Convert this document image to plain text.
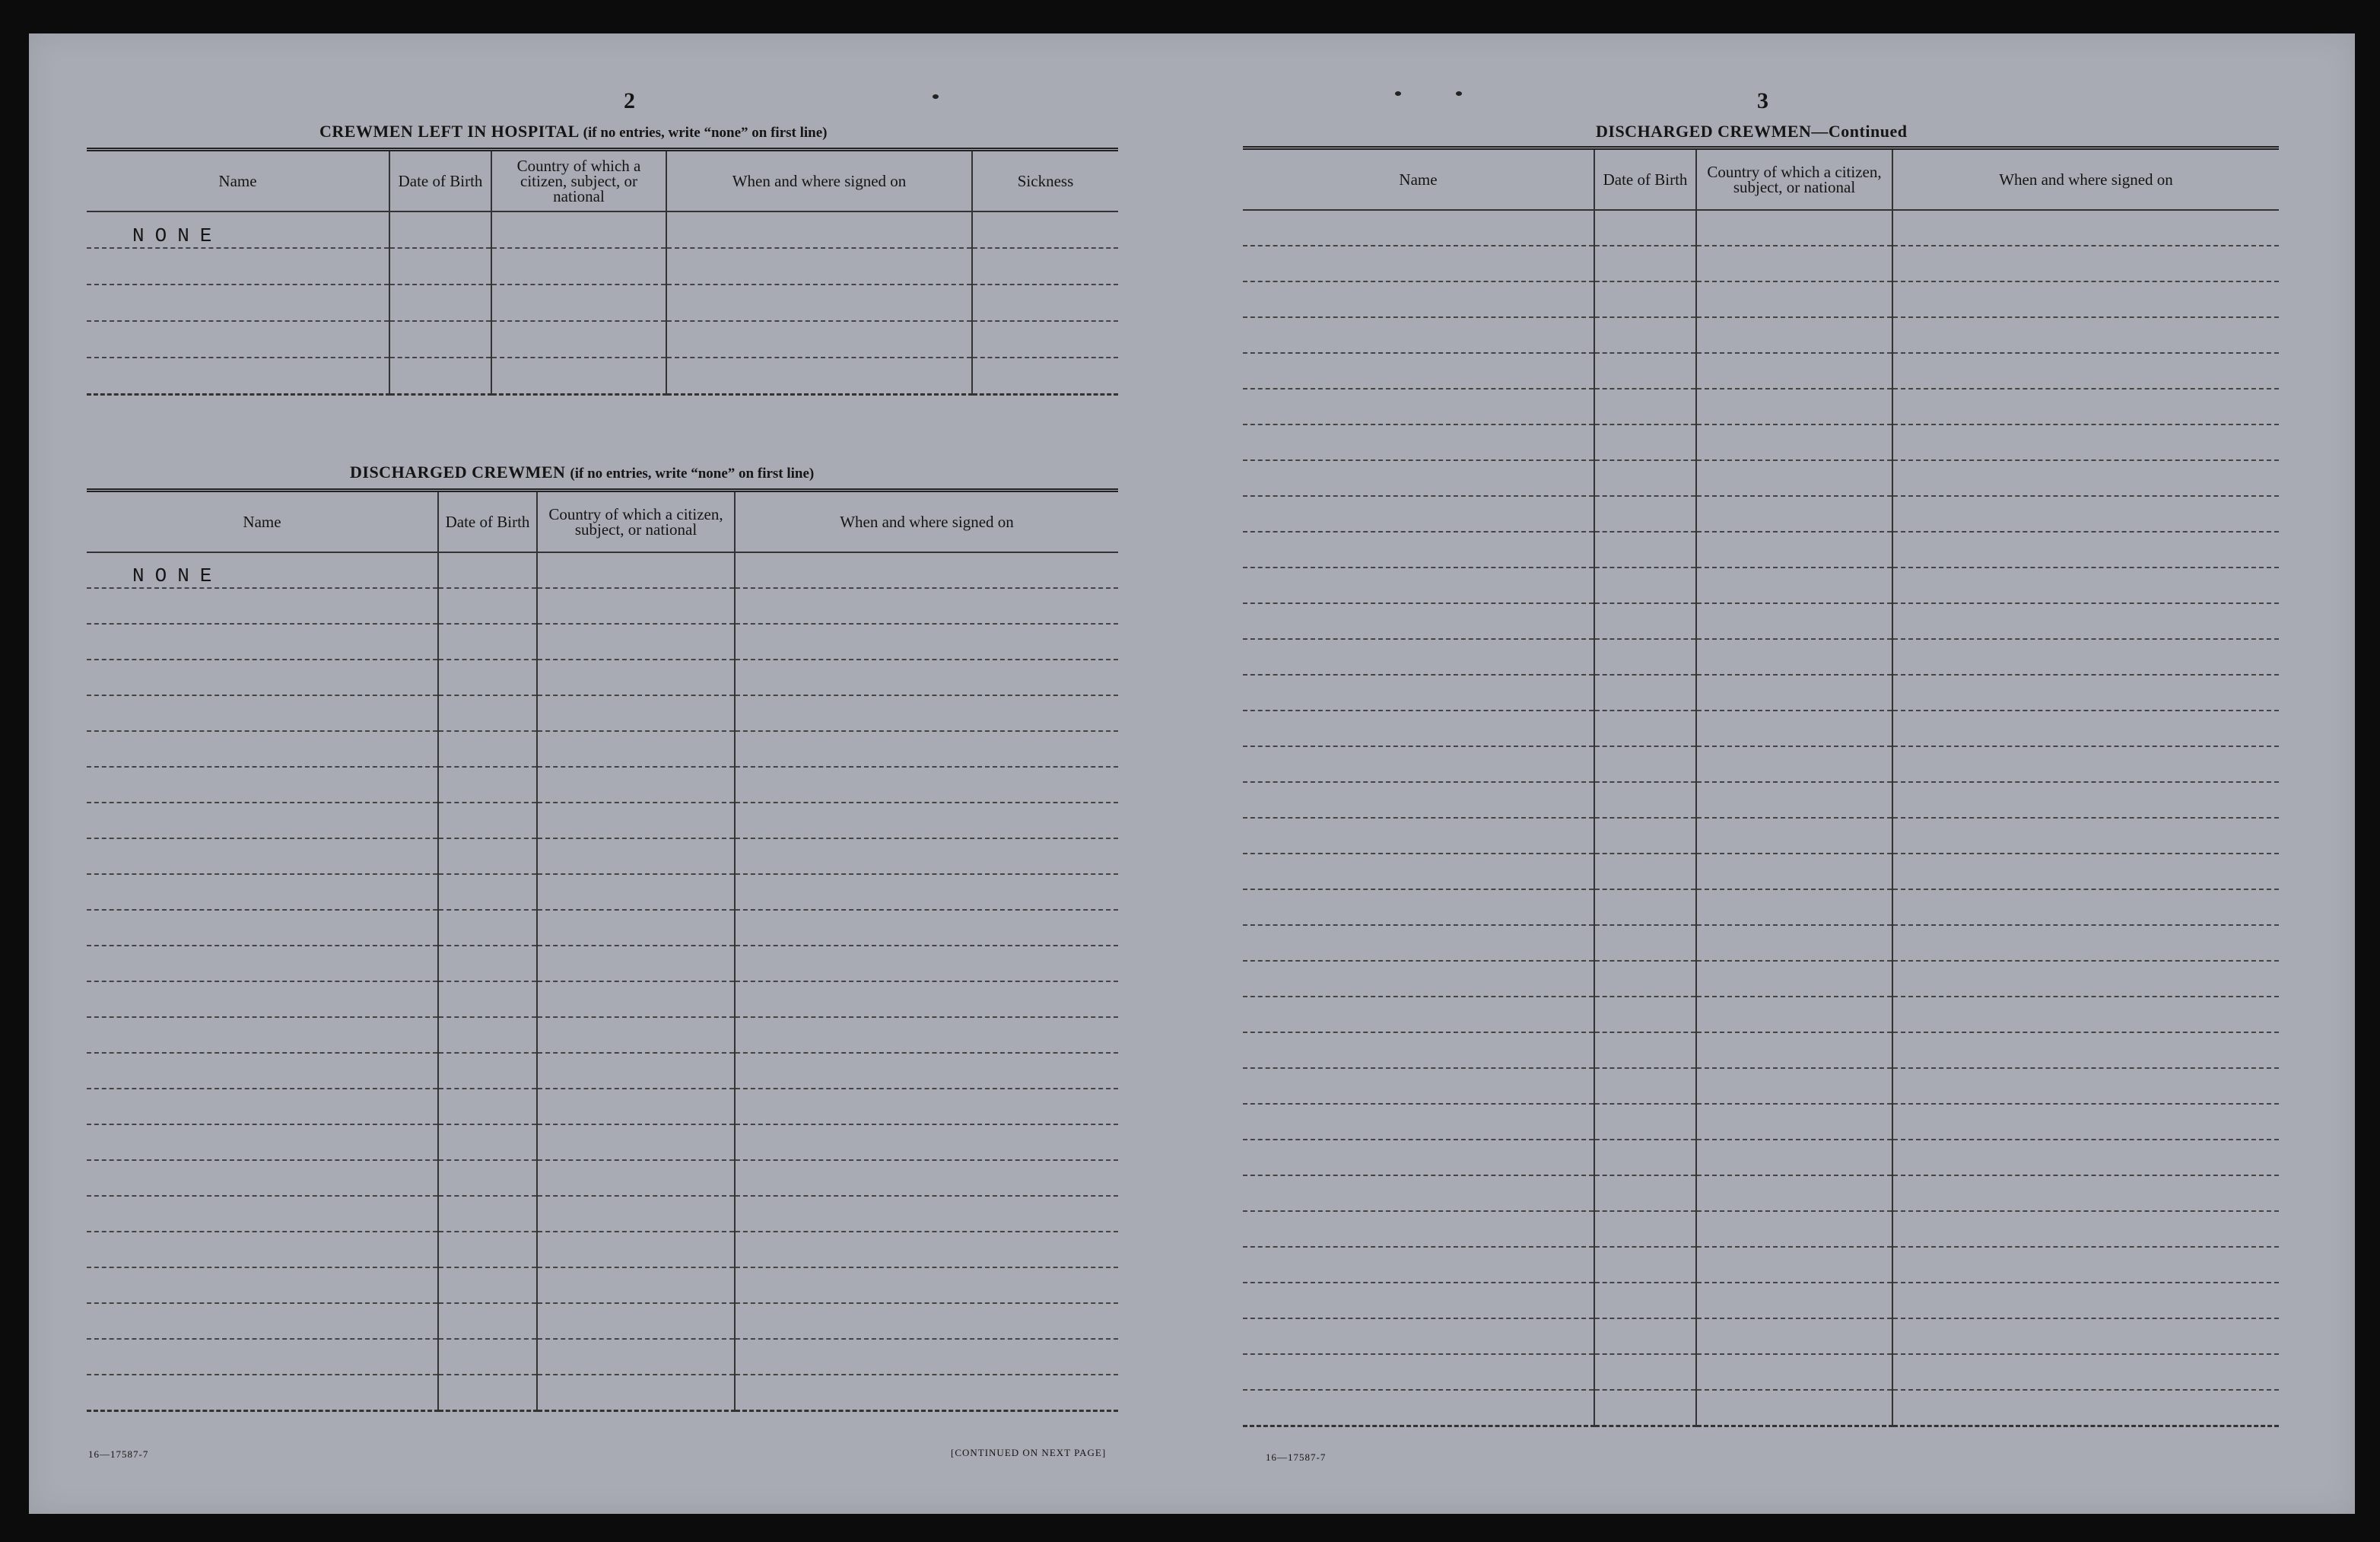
2
CREWMEN LEFT IN HOSPITAL (if no entries, write “none” on first line)
Name	Date of Birth	Country of which a citizen, subject, or national	When and where signed on	Sickness
NONE				

DISCHARGED CREWMEN (if no entries, write “none” on first line)
Name	Date of Birth	Country of which a citizen, subject, or national	When and where signed on
NONE			

16—17587-7	[CONTINUED ON NEXT PAGE]
3
DISCHARGED CREWMEN—Continued
Name	Date of Birth	Country of which a citizen, subject, or national	When and where signed on

16—17587-7
